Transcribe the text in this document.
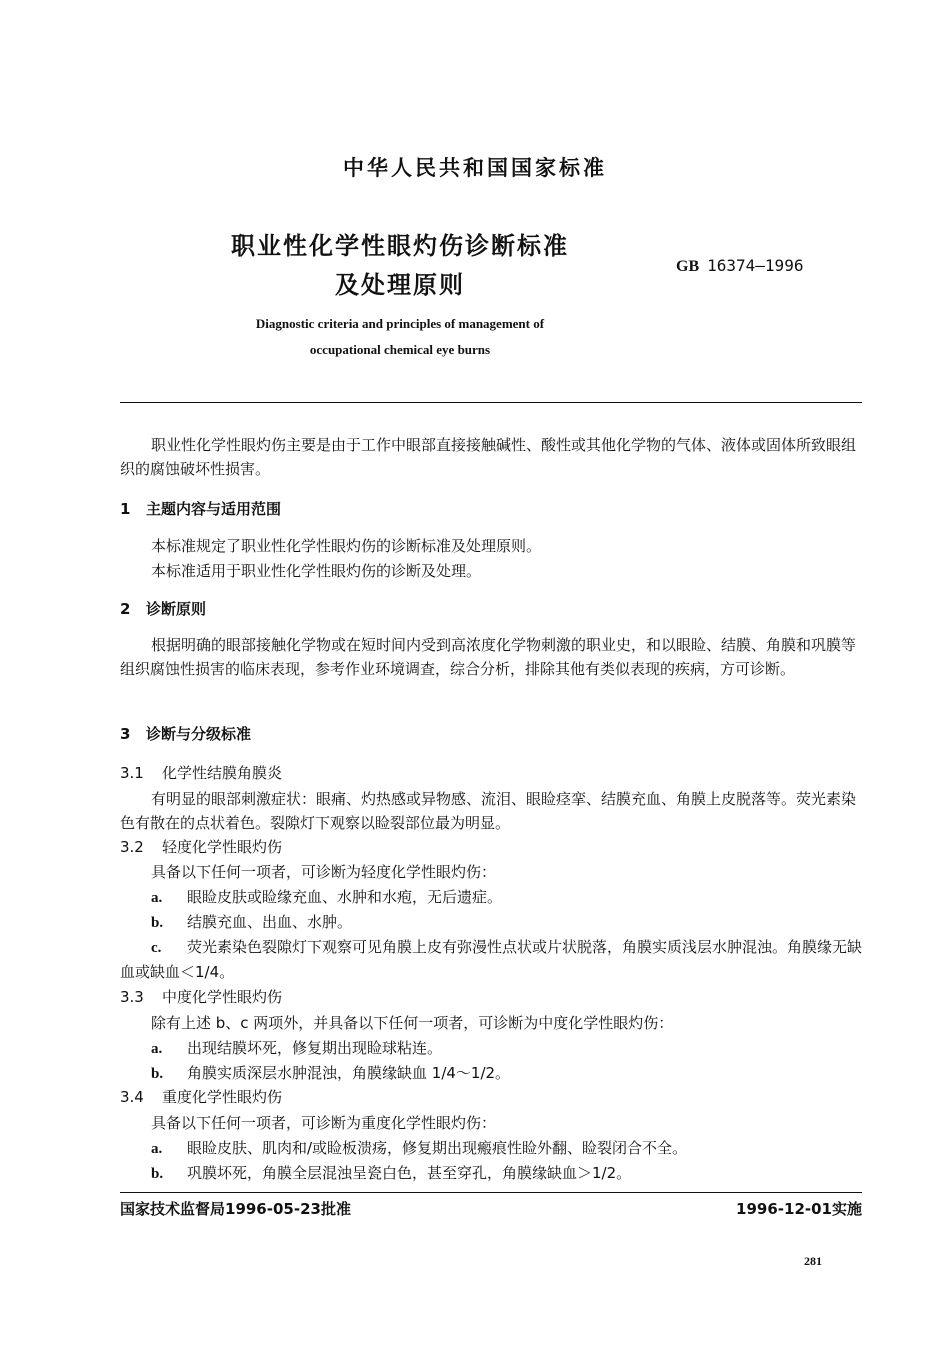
中华人民共和国国家标准
职业性化学性眼灼伤诊断标准
及处理原则
GB 16374—1996
Diagnostic criteria and principles of management of
occupational chemical eye burns
职业性化学性眼灼伤主要是由于工作中眼部直接接触碱性、酸性或其他化学物的气体、液体或固体所致眼组织的腐蚀破坏性损害。
1 主题内容与适用范围
本标准规定了职业性化学性眼灼伤的诊断标准及处理原则。
本标准适用于职业性化学性眼灼伤的诊断及处理。
2 诊断原则
根据明确的眼部接触化学物或在短时间内受到高浓度化学物刺激的职业史，和以眼睑、结膜、角膜和巩膜等组织腐蚀性损害的临床表现，参考作业环境调查，综合分析，排除其他有类似表现的疾病，方可诊断。
3 诊断与分级标准
3.1 化学性结膜角膜炎
有明显的眼部刺激症状：眼痛、灼热感或异物感、流泪、眼睑痉挛、结膜充血、角膜上皮脱落等。荧光素染色有散在的点状着色。裂隙灯下观察以睑裂部位最为明显。
3.2 轻度化学性眼灼伤
具备以下任何一项者，可诊断为轻度化学性眼灼伤：
a. 眼睑皮肤或睑缘充血、水肿和水疱，无后遗症。
b. 结膜充血、出血、水肿。
c. 荧光素染色裂隙灯下观察可见角膜上皮有弥漫性点状或片状脱落，角膜实质浅层水肿混浊。角膜缘无缺血或缺血＜1/4。
3.3 中度化学性眼灼伤
除有上述 b、c 两项外，并具备以下任何一项者，可诊断为中度化学性眼灼伤：
a. 出现结膜坏死，修复期出现睑球粘连。
b. 角膜实质深层水肿混浊，角膜缘缺血 1/4～1/2。
3.4 重度化学性眼灼伤
具备以下任何一项者，可诊断为重度化学性眼灼伤：
a. 眼睑皮肤、肌肉和/或睑板溃疡，修复期出现瘢痕性睑外翻、睑裂闭合不全。
b. 巩膜坏死，角膜全层混浊呈瓷白色，甚至穿孔，角膜缘缺血＞1/2。
国家技术监督局1996-05-23批准	1996-12-01实施
281
